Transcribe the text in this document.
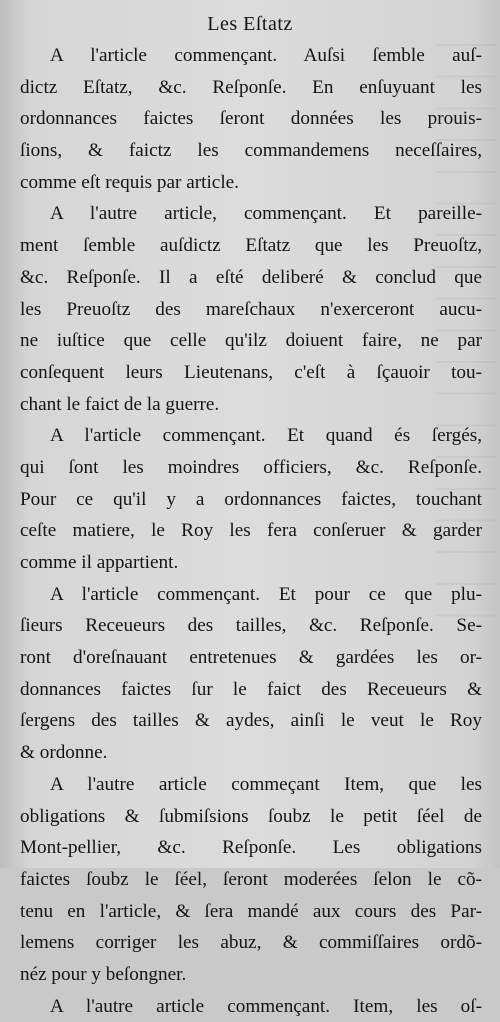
Les Eſtatz
A l'article commençant. Auſsi ſemble auſ-
dictz Eſtatz, &c. Reſponſe. En enſuyuant les
ordonnances faictes ſeront données les prouis-
ſions, & faictz les commandemens neceſſaires,
comme eſt requis par article.
A l'autre article, commençant. Et pareille-
ment ſemble auſdictz Eſtatz que les Preuoſtz,
&c. Reſponſe. Il a eſté deliberé & conclud que
les Preuoſtz des mareſchaux n'exerceront aucu-
ne iuſtice que celle qu'ilz doiuent faire, ne par
conſequent leurs Lieutenans, c'eſt à ſçauoir tou-
chant le faict de la guerre.
A l'article commençant. Et quand és ſergés,
qui ſont les moindres officiers, &c. Reſponſe.
Pour ce qu'il y a ordonnances faictes, touchant
ceſte matiere, le Roy les fera conſeruer & garder
comme il appartient.
A l'article commençant. Et pour ce que plu-
ſieurs Receueurs des tailles, &c. Reſponſe. Se-
ront d'oreſnauant entretenues & gardées les or-
donnances faictes ſur le faict des Receueurs &
ſergens des tailles & aydes, ainſi le veut le Roy
& ordonne.
A l'autre article commeçant Item, que les
obligations & ſubmiſsions ſoubz le petit ſéel de
Mont-pellier, &c. Reſponſe. Les obligations
faictes ſoubz le ſéel, ſeront moderées ſelon le cõ-
tenu en l'article, & ſera mandé aux cours des Par-
lemens corriger les abuz, & commiſſaires ordõ-
néz pour y beſongner.
A l'autre article commençant. Item, les oſ-
